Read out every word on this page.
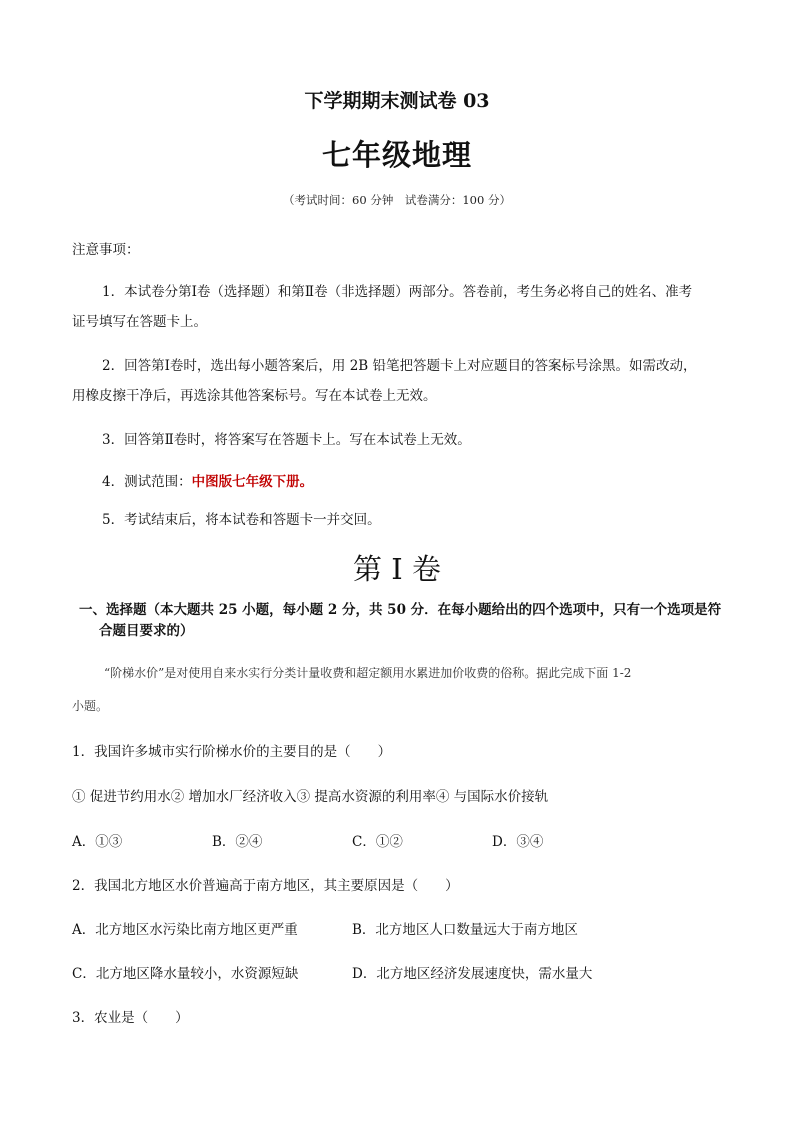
下学期期末测试卷 03
七年级地理
（考试时间：60 分钟　试卷满分：100 分）
注意事项：
1．本试卷分第Ⅰ卷（选择题）和第Ⅱ卷（非选择题）两部分。答卷前，考生务必将自己的姓名、准考
证号填写在答题卡上。
2．回答第Ⅰ卷时，选出每小题答案后，用 2B 铅笔把答题卡上对应题目的答案标号涂黑。如需改动，
用橡皮擦干净后，再选涂其他答案标号。写在本试卷上无效。
3．回答第Ⅱ卷时，将答案写在答题卡上。写在本试卷上无效。
4．测试范围：中图版七年级下册。
5．考试结束后，将本试卷和答题卡一并交回。
第 I 卷
一、选择题（本大题共 25 小题，每小题 2 分，共 50 分．在每小题给出的四个选项中，只有一个选项是符
合题目要求的）
“阶梯水价”是对使用自来水实行分类计量收费和超定额用水累进加价收费的俗称。据此完成下面 1-2
小题。
1．我国许多城市实行阶梯水价的主要目的是（　　）
① 促进节约用水② 增加水厂经济收入③ 提高水资源的利用率④ 与国际水价接轨
A．①③	B．②④	C．①②	D．③④
2．我国北方地区水价普遍高于南方地区，其主要原因是（　　）
A．北方地区水污染比南方地区更严重	B．北方地区人口数量远大于南方地区
C．北方地区降水量较小，水资源短缺	D．北方地区经济发展速度快，需水量大
3．农业是（　　）
